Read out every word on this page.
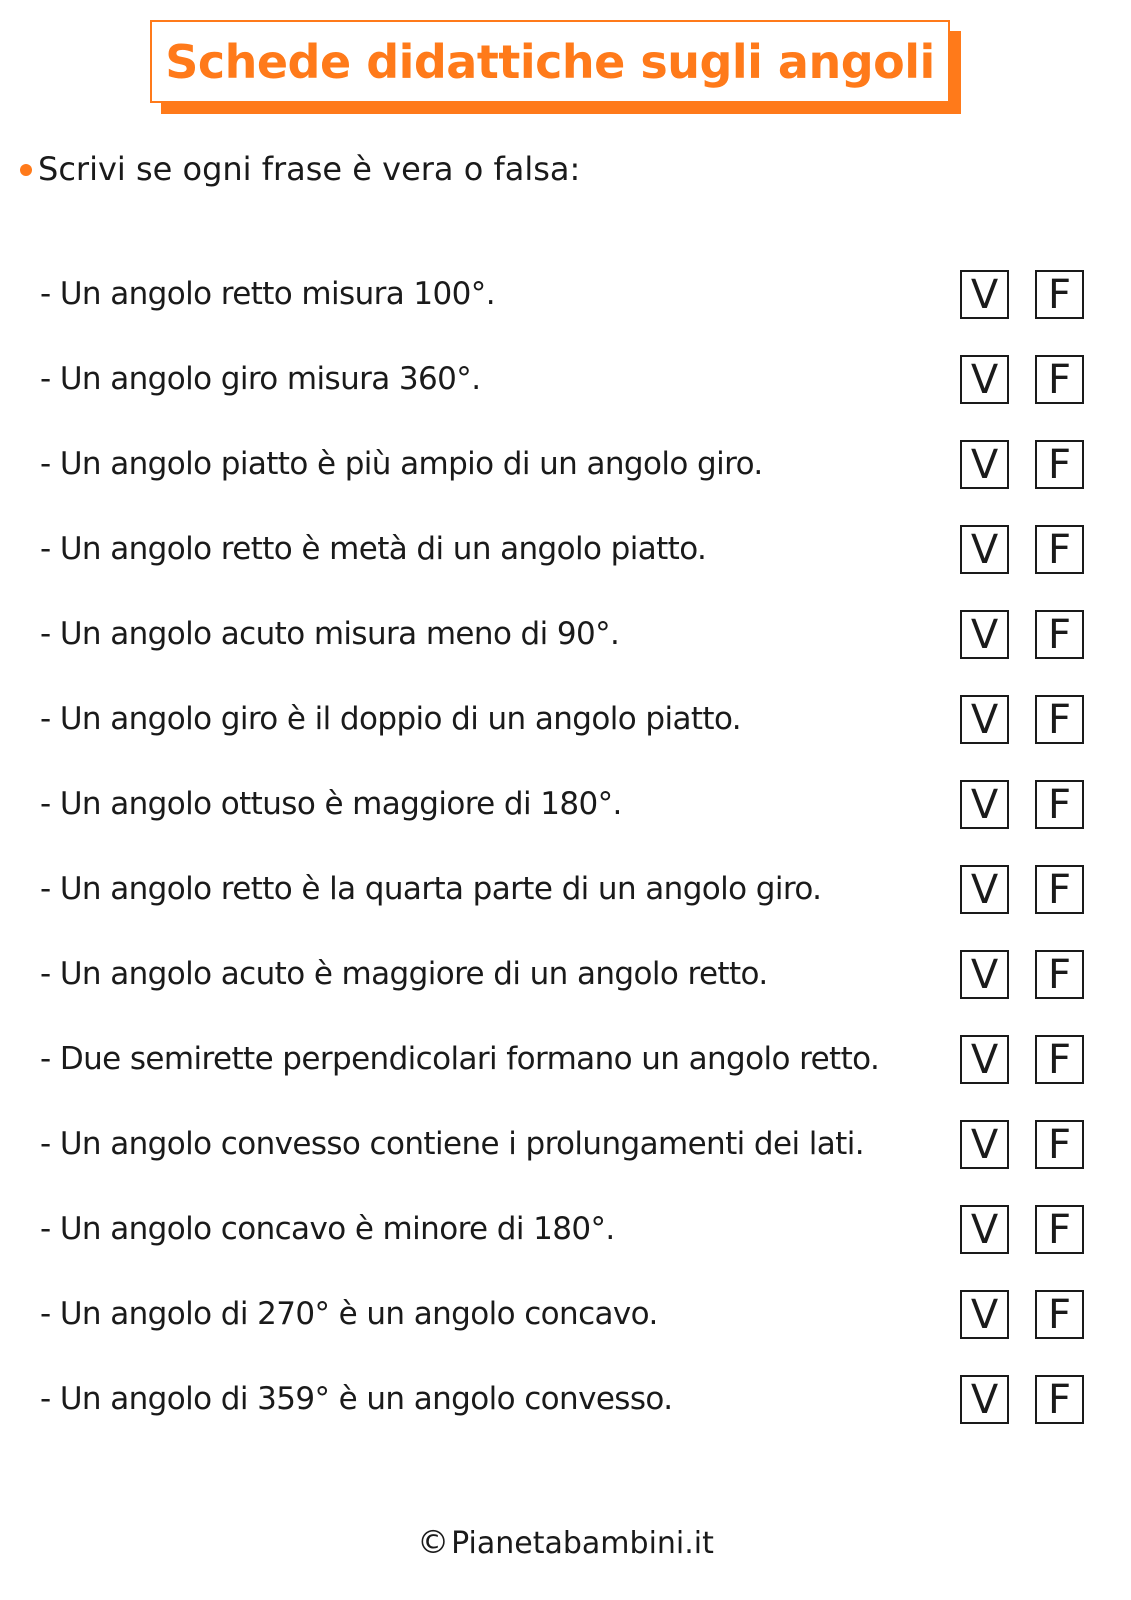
Schede didattiche sugli angoli
Scrivi se ogni frase è vera o falsa:
- Un angolo retto misura 100°.	V	F
- Un angolo giro misura 360°.	V	F
- Un angolo piatto è più ampio di un angolo giro.	V	F
- Un angolo retto è metà di un angolo piatto.	V	F
- Un angolo acuto misura meno di 90°.	V	F
- Un angolo giro è il doppio di un angolo piatto.	V	F
- Un angolo ottuso è maggiore di 180°.	V	F
- Un angolo retto è la quarta parte di un angolo giro.	V	F
- Un angolo acuto è maggiore di un angolo retto.	V	F
- Due semirette perpendicolari formano un angolo retto. V	F
- Un angolo convesso contiene i prolungamenti dei lati.	V	F
- Un angolo concavo è minore di 180°.	V	F
- Un angolo di 270° è un angolo concavo.	V	F
- Un angolo di 359° è un angolo convesso.	V	F
©Pianetabambini.it
